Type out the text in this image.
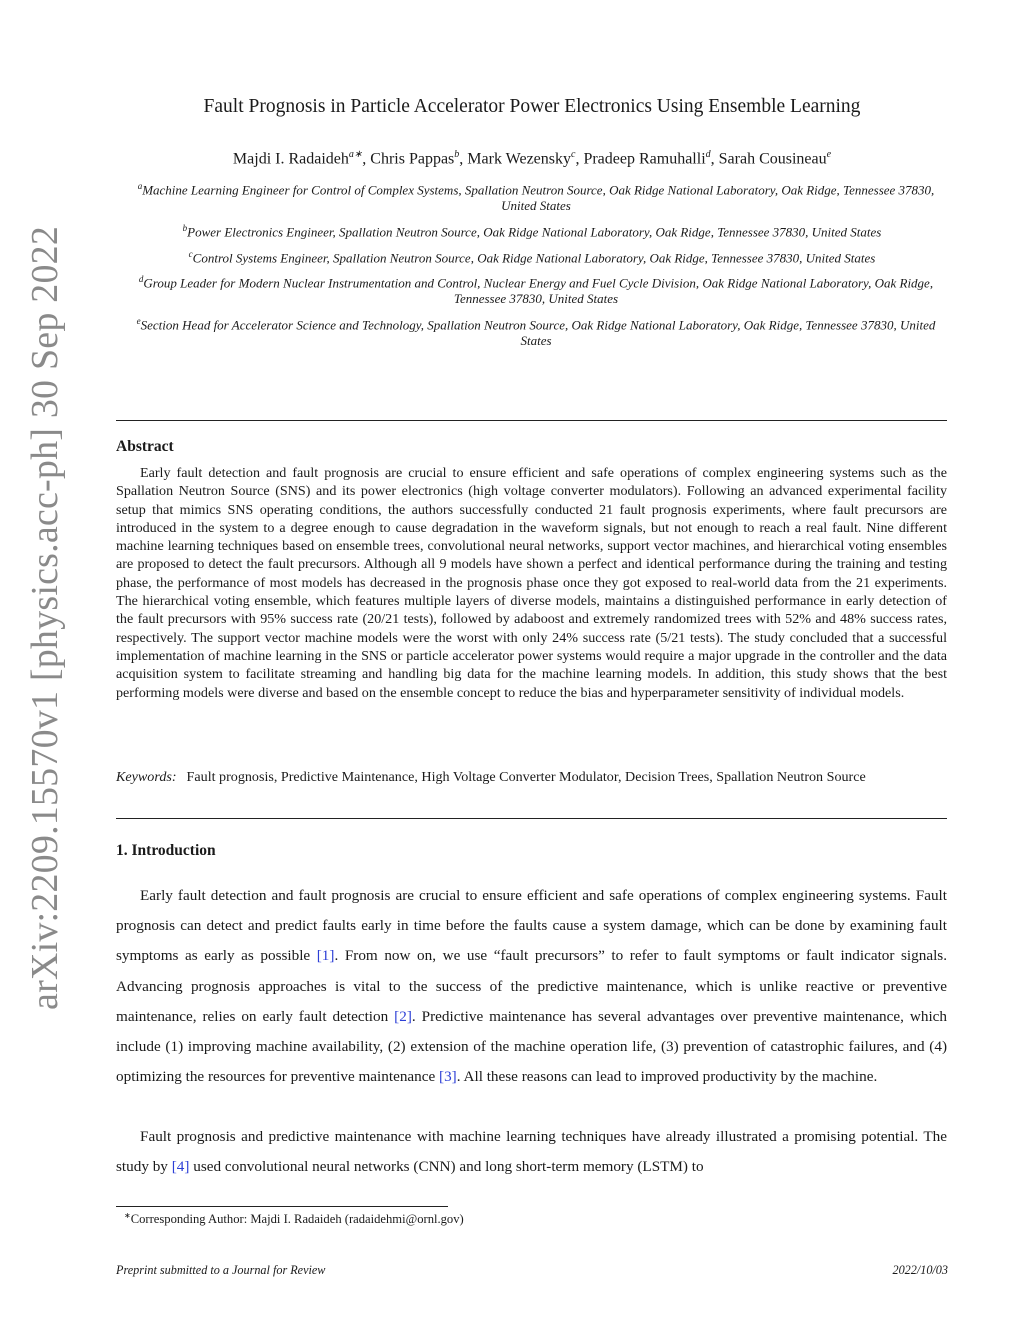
arXiv:2209.15570v1 [physics.acc-ph] 30 Sep 2022
Fault Prognosis in Particle Accelerator Power Electronics Using Ensemble Learning
Majdi I. Radaideh$^{a∗}$, Chris Pappas$^b$, Mark Wezensky$^c$, Pradeep Ramuhalli$^d$, Sarah Cousineau$^e$
$^a$Machine Learning Engineer for Control of Complex Systems, Spallation Neutron Source, Oak Ridge National Laboratory, Oak Ridge, Tennessee 37830, United States
$^b$Power Electronics Engineer, Spallation Neutron Source, Oak Ridge National Laboratory, Oak Ridge, Tennessee 37830, United States
$^c$Control Systems Engineer, Spallation Neutron Source, Oak Ridge National Laboratory, Oak Ridge, Tennessee 37830, United States
$^d$Group Leader for Modern Nuclear Instrumentation and Control, Nuclear Energy and Fuel Cycle Division, Oak Ridge National Laboratory, Oak Ridge, Tennessee 37830, United States
$^e$Section Head for Accelerator Science and Technology, Spallation Neutron Source, Oak Ridge National Laboratory, Oak Ridge, Tennessee 37830, United States
Abstract

Early fault detection and fault prognosis are crucial to ensure efficient and safe operations of complex engineering systems such as the Spallation Neutron Source (SNS) and its power electronics (high voltage converter modulators). Following an advanced experimental facility setup that mimics SNS operating conditions, the authors successfully conducted 21 fault prognosis experiments, where fault precursors are introduced in the system to a degree enough to cause degradation in the waveform signals, but not enough to reach a real fault. Nine different machine learning techniques based on ensemble trees, convolutional neural networks, support vector machines, and hierarchical voting ensembles are proposed to detect the fault precursors. Although all 9 models have shown a perfect and identical performance during the training and testing phase, the performance of most models has decreased in the prognosis phase once they got exposed to real-world data from the 21 experiments. The hierarchical voting ensemble, which features multiple layers of diverse models, maintains a distinguished performance in early detection of the fault precursors with 95% success rate (20/21 tests), followed by adaboost and extremely randomized trees with 52% and 48% success rates, respectively. The support vector machine models were the worst with only 24% success rate (5/21 tests). The study concluded that a successful implementation of machine learning in the SNS or particle accelerator power systems would require a major upgrade in the controller and the data acquisition system to facilitate streaming and handling big data for the machine learning models. In addition, this study shows that the best performing models were diverse and based on the ensemble concept to reduce the bias and hyperparameter sensitivity of individual models.

Keywords: Fault prognosis, Predictive Maintenance, High Voltage Converter Modulator, Decision Trees, Spallation Neutron Source
1. Introduction

Early fault detection and fault prognosis are crucial to ensure efficient and safe operations of complex engineering systems. Fault prognosis can detect and predict faults early in time before the faults cause a system damage, which can be done by examining fault symptoms as early as possible [1]. From now on, we use “fault precursors” to refer to fault symptoms or fault indicator signals. Advancing prognosis approaches is vital to the success of the predictive maintenance, which is unlike reactive or preventive maintenance, relies on early fault detection [2]. Predictive maintenance has several advantages over preventive maintenance, which include (1) improving machine availability, (2) extension of the machine operation life, (3) prevention of catastrophic failures, and (4) optimizing the resources for preventive maintenance [3]. All these reasons can lead to improved productivity by the machine.

Fault prognosis and predictive maintenance with machine learning techniques have already illustrated a promising potential. The study by [4] used convolutional neural networks (CNN) and long short-term memory (LSTM) to

∗Corresponding Author: Majdi I. Radaideh (radaidehmi@ornl.gov)
Preprint submitted to a Journal for Review	2022/10/03
